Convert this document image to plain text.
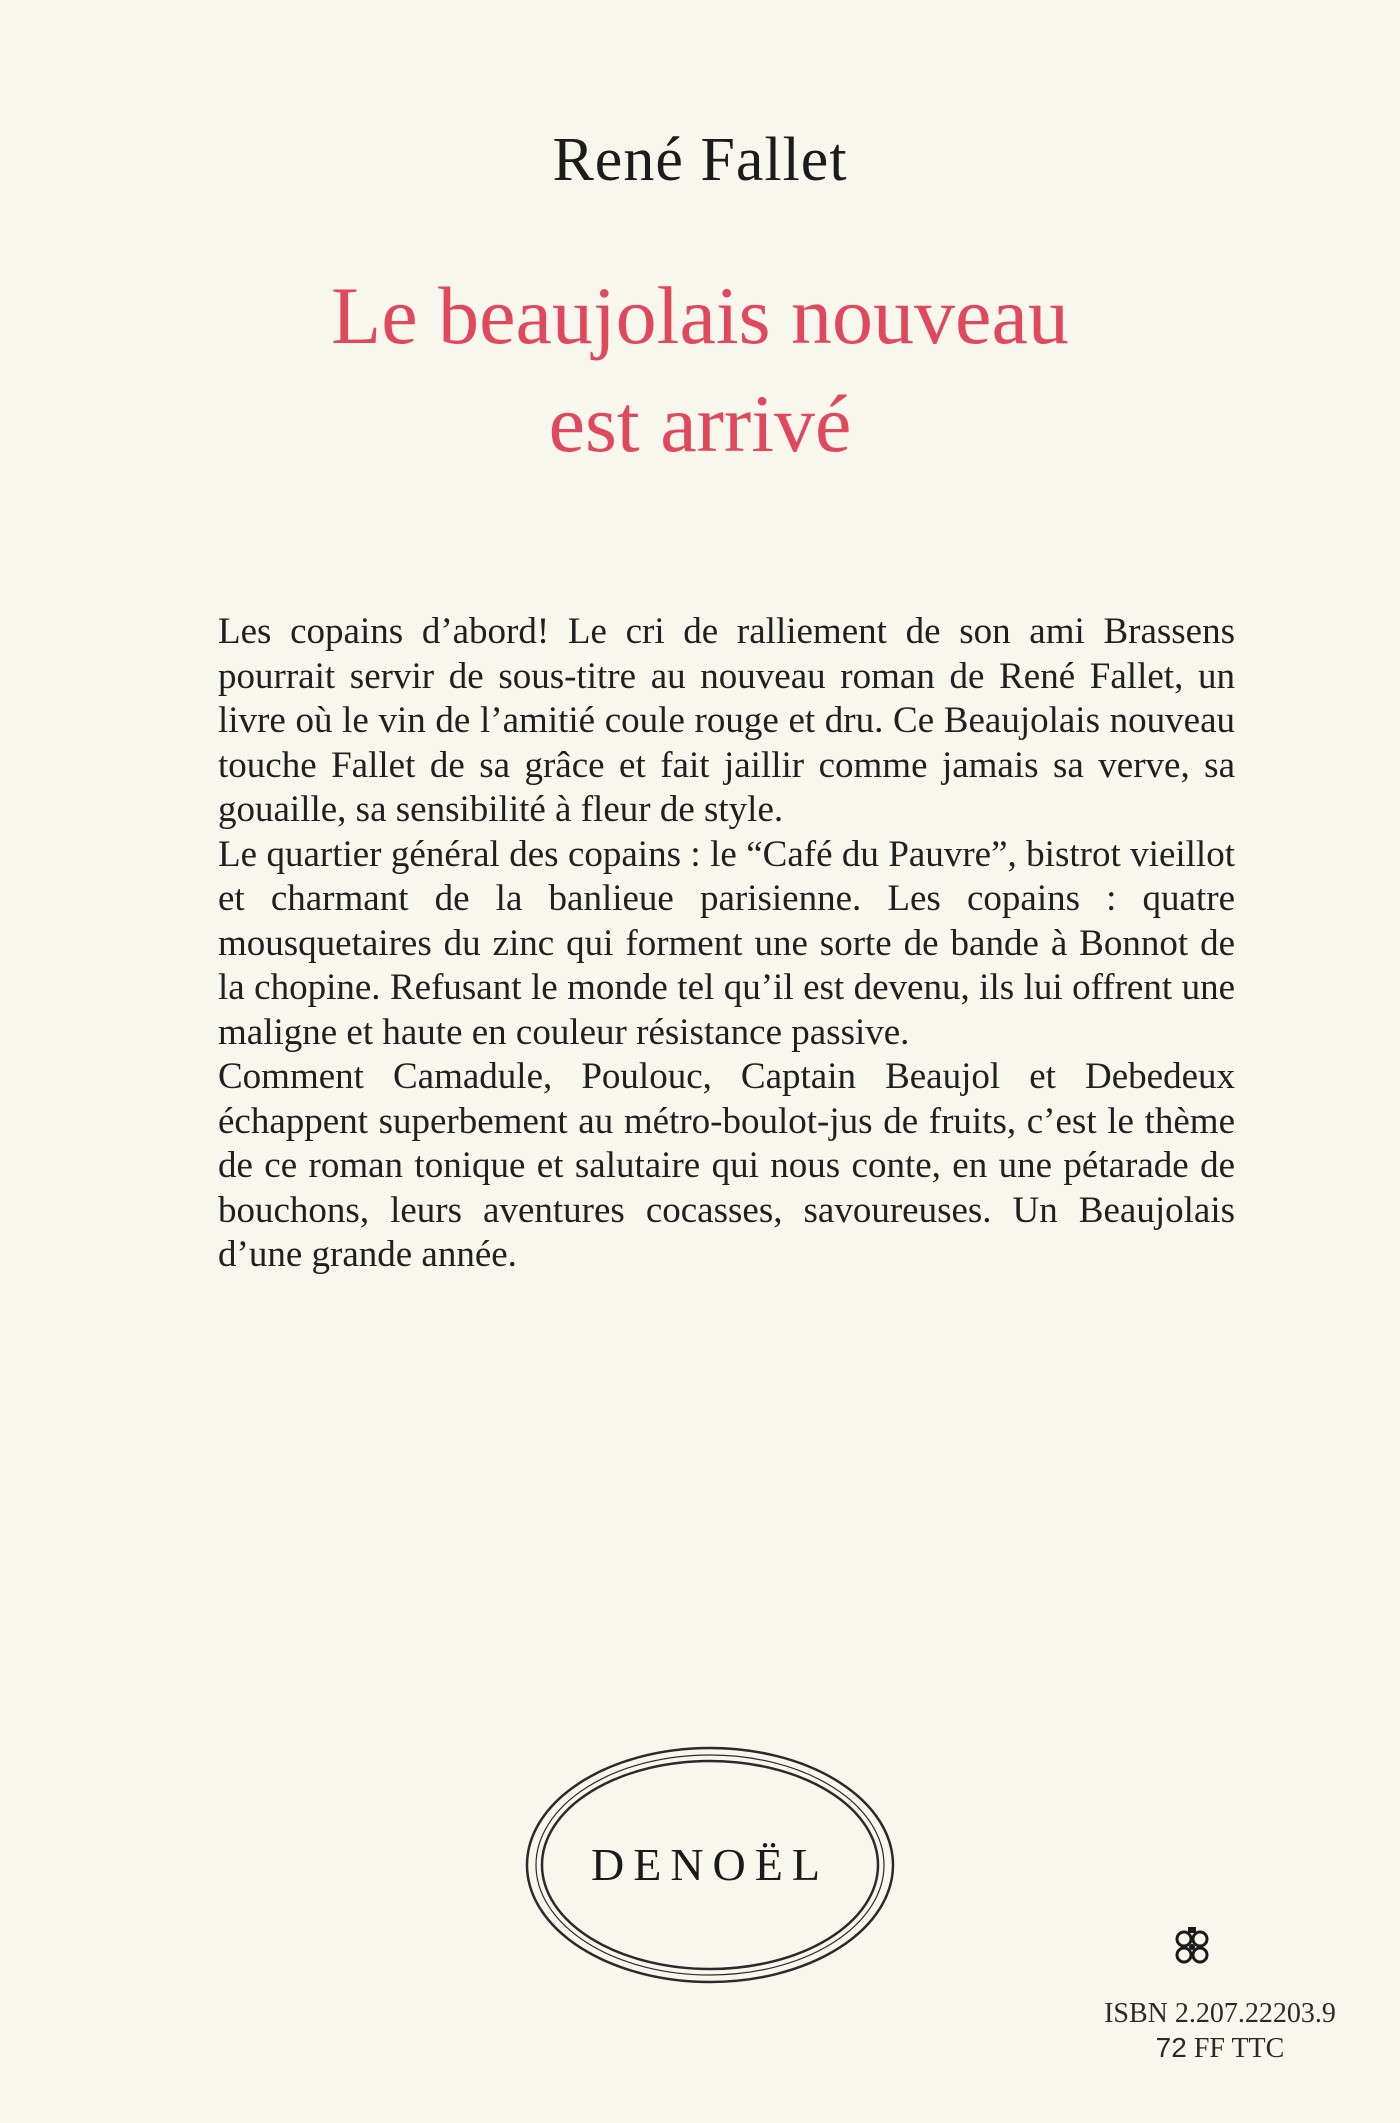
René Fallet
Le beaujolais nouveau
est arrivé

Les copains d’abord! Le cri de ralliement de son ami Brassens pourrait servir de sous-titre au nouveau roman de René Fallet, un livre où le vin de l’amitié coule rouge et dru. Ce Beaujolais nouveau touche Fallet de sa grâce et fait jaillir comme jamais sa verve, sa gouaille, sa sensibilité à fleur de style.

Le quartier général des copains : le “Café du Pauvre”, bistrot vieillot et charmant de la banlieue parisienne. Les copains : quatre mousquetaires du zinc qui forment une sorte de bande à Bonnot de la chopine. Refusant le monde tel qu’il est devenu, ils lui offrent une maligne et haute en couleur résistance passive.

Comment Camadule, Poulouc, Captain Beaujol et Debedeux échappent superbement au métro-boulot-jus de fruits, c’est le thème de ce roman tonique et salutaire qui nous conte, en une pétarade de bouchons, leurs aventures cocasses, savoureuses. Un Beaujolais d’une grande année.

DENOËL
ISBN 2.207.22203.9
72 FF TTC
